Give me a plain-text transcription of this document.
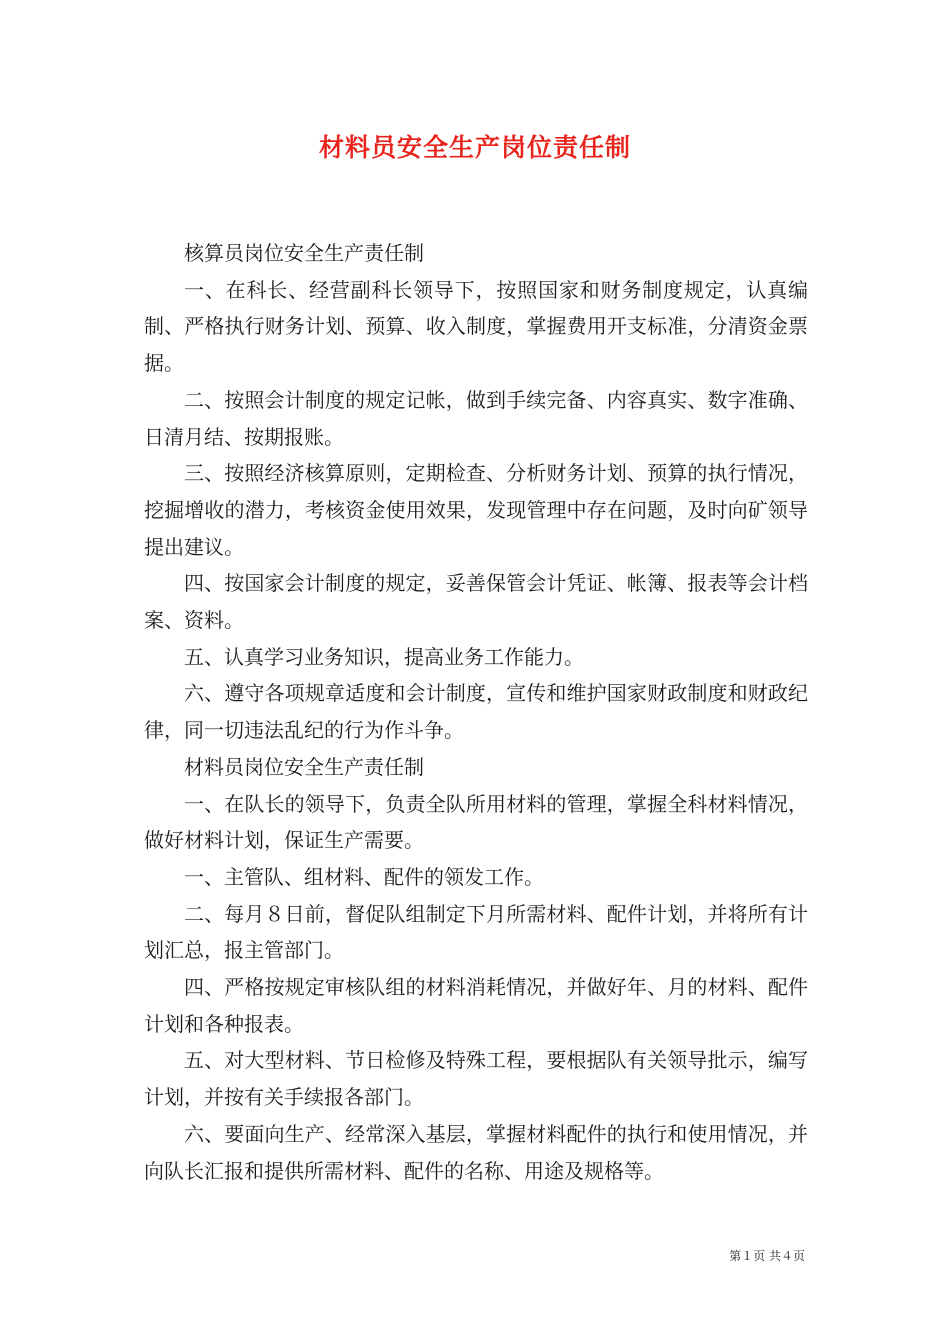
材料员安全生产岗位责任制

核算员岗位安全生产责任制

一、在科长、经营副科长领导下，按照国家和财务制度规定，认真编制、严格执行财务计划、预算、收入制度，掌握费用开支标准，分清资金票据。

二、按照会计制度的规定记帐，做到手续完备、内容真实、数字准确、日清月结、按期报账。

三、按照经济核算原则，定期检查、分析财务计划、预算的执行情况，挖掘增收的潜力，考核资金使用效果，发现管理中存在问题，及时向矿领导提出建议。

四、按国家会计制度的规定，妥善保管会计凭证、帐簿、报表等会计档案、资料。

五、认真学习业务知识，提高业务工作能力。

六、遵守各项规章适度和会计制度，宣传和维护国家财政制度和财政纪律，同一切违法乱纪的行为作斗争。

材料员岗位安全生产责任制

一、在队长的领导下，负责全队所用材料的管理，掌握全科材料情况，做好材料计划，保证生产需要。

一、主管队、组材料、配件的领发工作。

二、每月８日前，督促队组制定下月所需材料、配件计划，并将所有计划汇总，报主管部门。

四、严格按规定审核队组的材料消耗情况，并做好年、月的材料、配件计划和各种报表。

五、对大型材料、节日检修及特殊工程，要根据队有关领导批示，编写计划，并按有关手续报各部门。

六、要面向生产、经常深入基层，掌握材料配件的执行和使用情况，并向队长汇报和提供所需材料、配件的名称、用途及规格等。

第１页 共４页
